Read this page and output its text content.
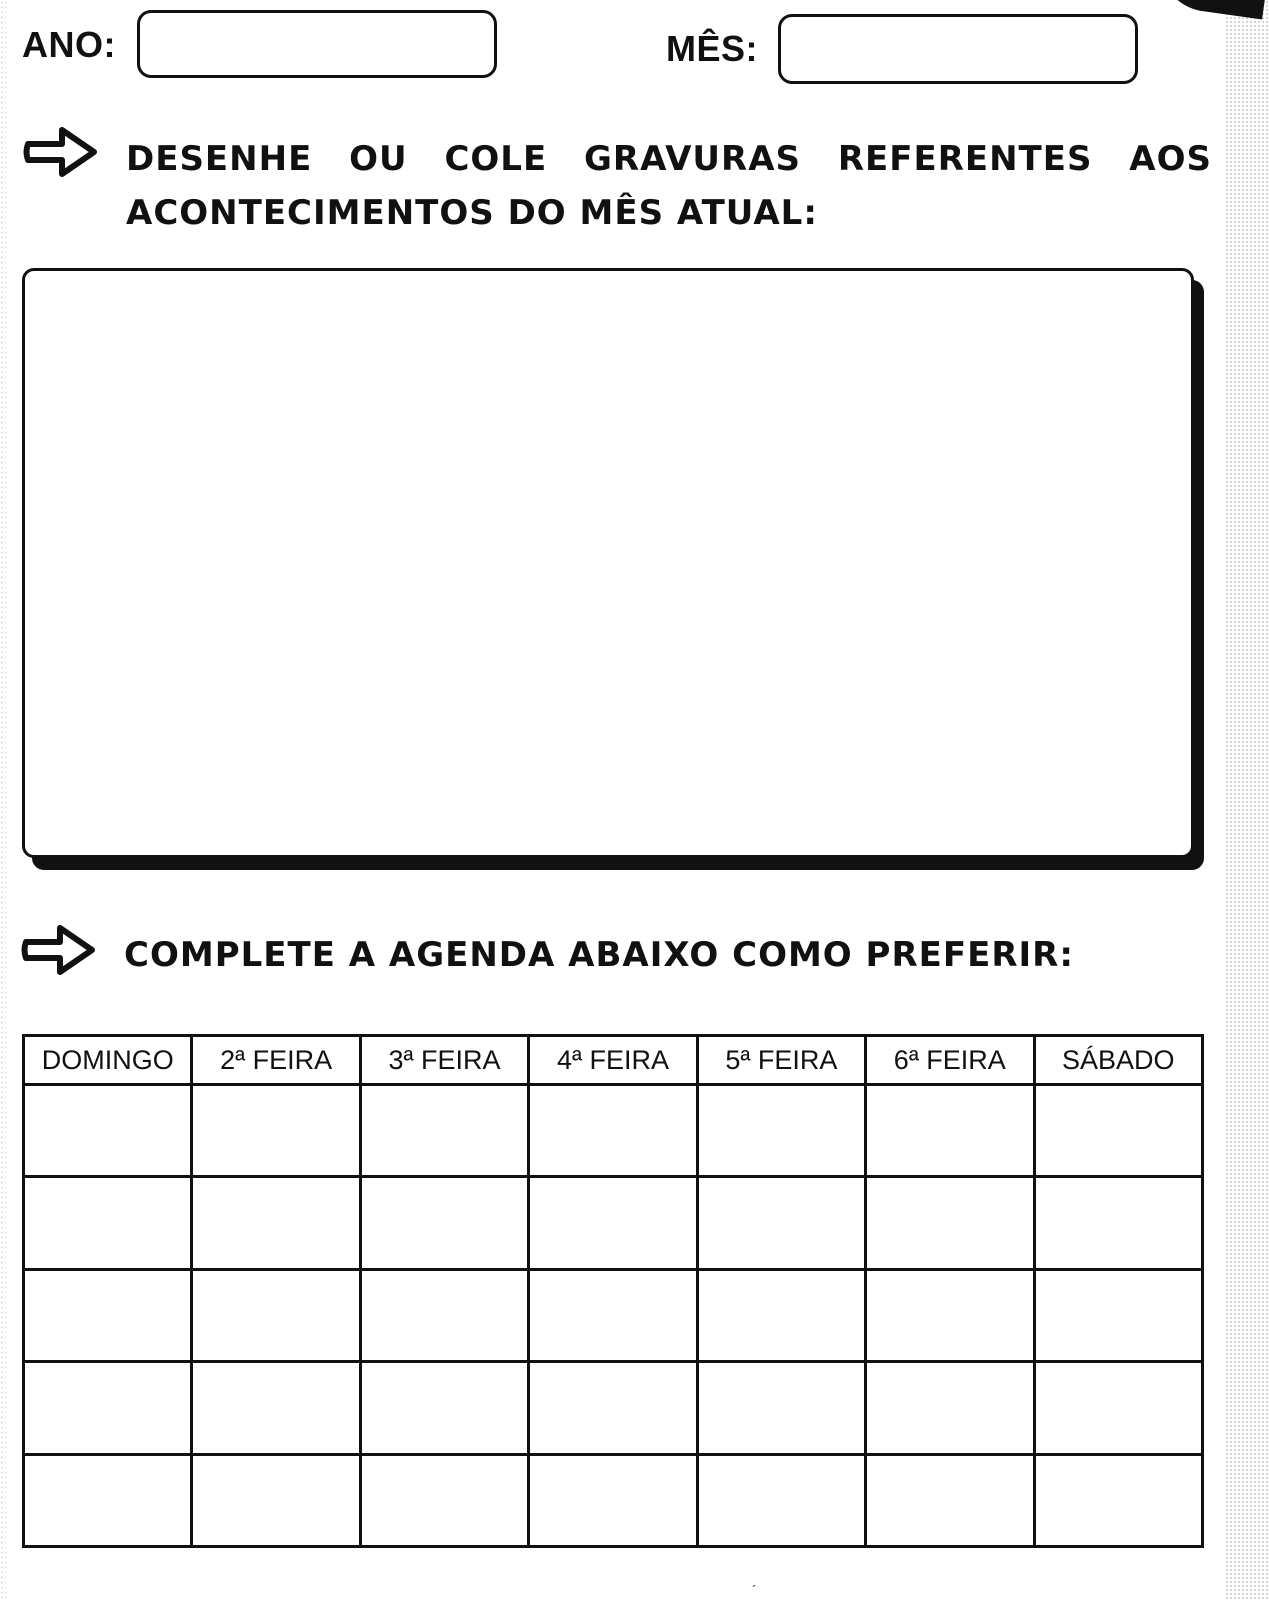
ANO:	MÊS:
DESENHE OU COLE GRAVURAS REFERENTES AOS ACONTECIMENTOS DO MÊS ATUAL:
COMPLETE A AGENDA ABAIXO COMO PREFERIR:
DOMINGO	2ª FEIRA	3ª FEIRA	4ª FEIRA	5ª FEIRA	6ª FEIRA	SÁBADO

´
